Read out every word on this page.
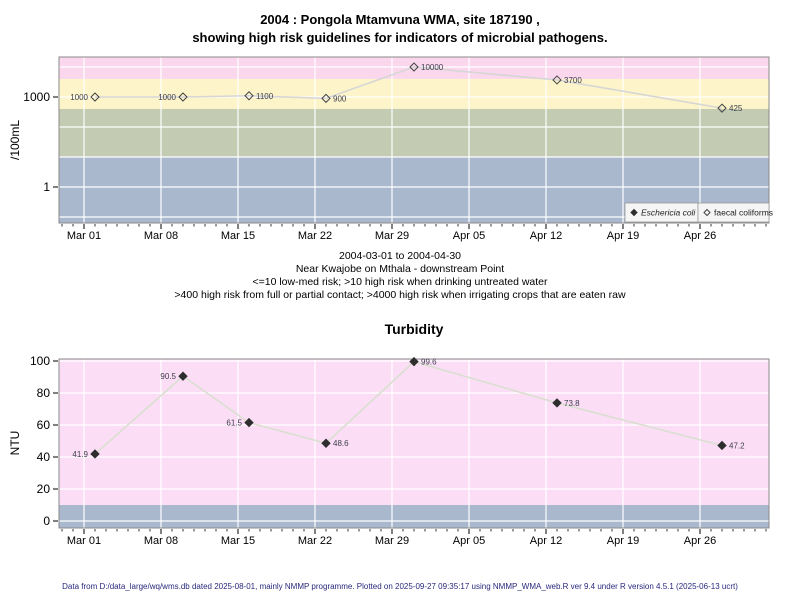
Mar 01	Mar 08	Mar 15	Mar 22	Mar 29	Apr 05	Apr 12	Apr 19	Apr 26
1000
1
1000	1000	1100	900
10000
3700
425
Eschericia coli faecal coliforms
Mar 01	Mar 08	Mar 15	Mar 22	Mar 29	Apr 05	Apr 12	Apr 19	Apr 26
0
20
40
60
80
100
41.9
90.5
61.5
48.6
99.6
73.8
47.2
2004 : Pongola Mtamvuna WMA, site 187190 ,
showing high risk guidelines for indicators of microbial pathogens.
/100mL
2004-03-01 to 2004-04-30
Near Kwajobe on Mthala - downstream Point
<=10 low-med risk; >10 high risk when drinking untreated water
>400 high risk from full or partial contact; >4000 high risk when irrigating crops that are eaten raw
Turbidity
NTU
Data from D:/data_large/wq/wms.db dated 2025-08-01, mainly NMMP programme. Plotted on 2025-09-27 09:35:17 using NMMP_WMA_web.R ver 9.4 under R version 4.5.1 (2025-06-13 ucrt)
